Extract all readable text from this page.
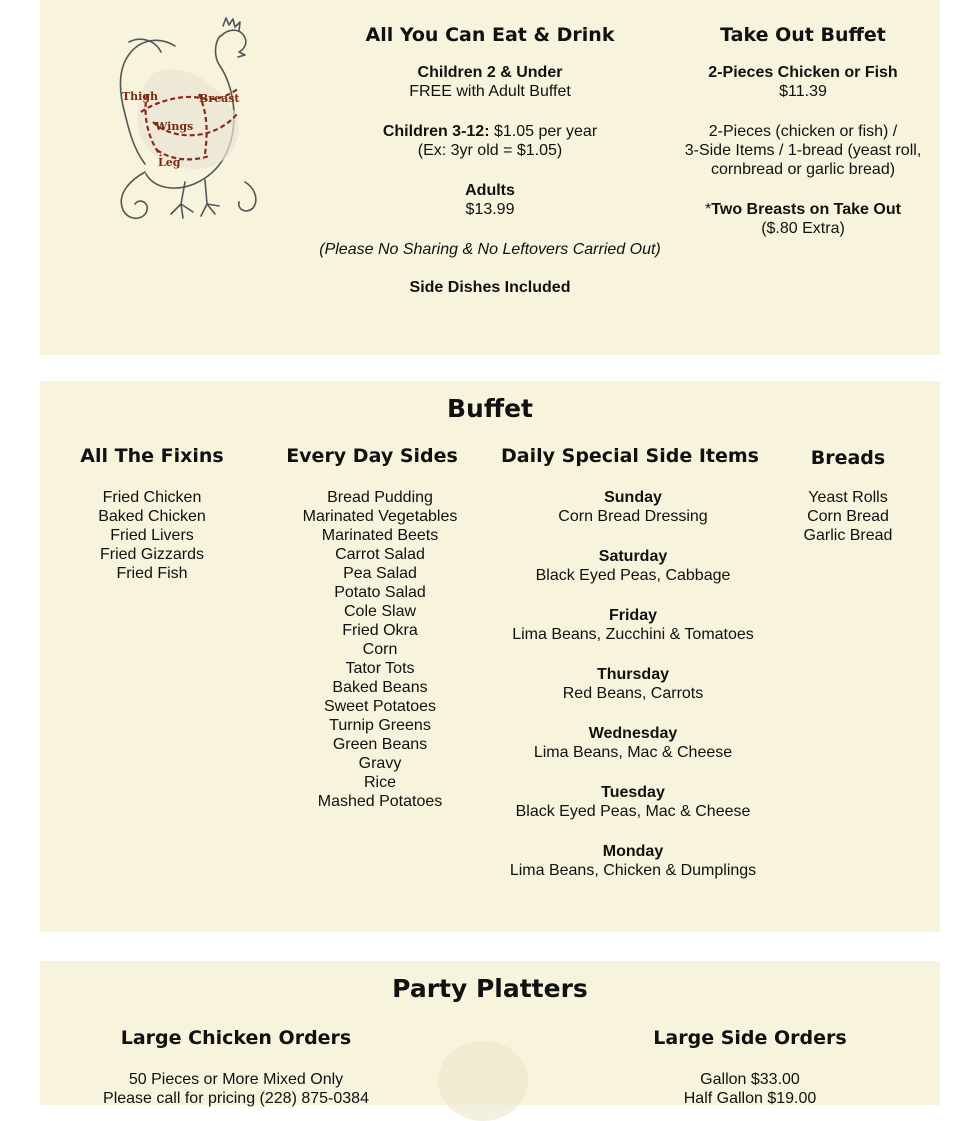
Thigh	Breast
Wings
Leg
All You Can Eat & Drink
Children 2 & Under
FREE with Adult Buffet
Children 3-12: $1.05 per year
(Ex: 3yr old = $1.05)
Adults
$13.99
(Please No Sharing & No Leftovers Carried Out)
Side Dishes Included
Take Out Buffet
2-Pieces Chicken or Fish
$11.39
2-Pieces (chicken or fish) /
3-Side Items / 1-bread (yeast roll,
cornbread or garlic bread)
*Two Breasts on Take Out
($.80 Extra)
Buffet
All The Fixins
Fried Chicken
Baked Chicken
Fried Livers
Fried Gizzards
Fried Fish
Every Day Sides
Bread Pudding
Marinated Vegetables
Marinated Beets
Carrot Salad
Pea Salad
Potato Salad
Cole Slaw
Fried Okra
Corn
Tator Tots
Baked Beans
Sweet Potatoes
Turnip Greens
Green Beans
Gravy
Rice
Mashed Potatoes
Daily Special Side Items
Sunday
Corn Bread Dressing
Saturday
Black Eyed Peas, Cabbage
Friday
Lima Beans, Zucchini & Tomatoes
Thursday
Red Beans, Carrots
Wednesday
Lima Beans, Mac & Cheese
Tuesday
Black Eyed Peas, Mac & Cheese
Monday
Lima Beans, Chicken & Dumplings
Breads
Yeast Rolls
Corn Bread
Garlic Bread
Party Platters
Large Chicken Orders
50 Pieces or More Mixed Only
Please call for pricing (228) 875-0384
Large Side Orders
Gallon $33.00
Half Gallon $19.00
